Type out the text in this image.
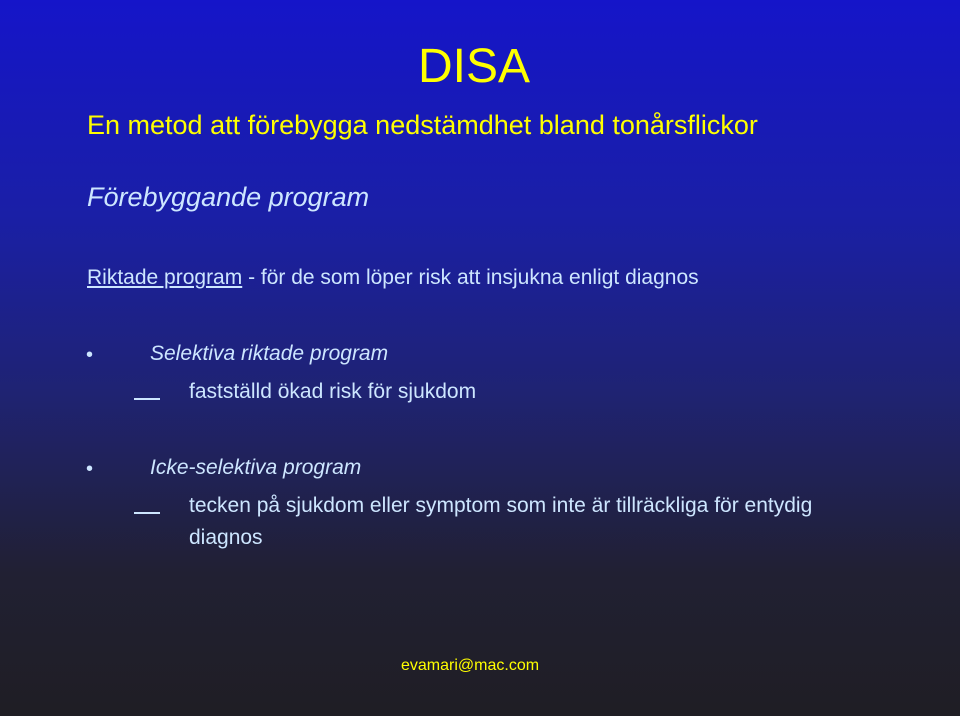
DISA
En metod att förebygga nedstämdhet bland tonårsflickor
Förebyggande program
Riktade program - för de som löper risk att insjukna enligt diagnos
•	Selektiva riktade program
fastställd ökad risk för sjukdom
•	Icke-selektiva program
tecken på sjukdom eller symptom som inte är tillräckliga för entydig diagnos
evamari@mac.com
